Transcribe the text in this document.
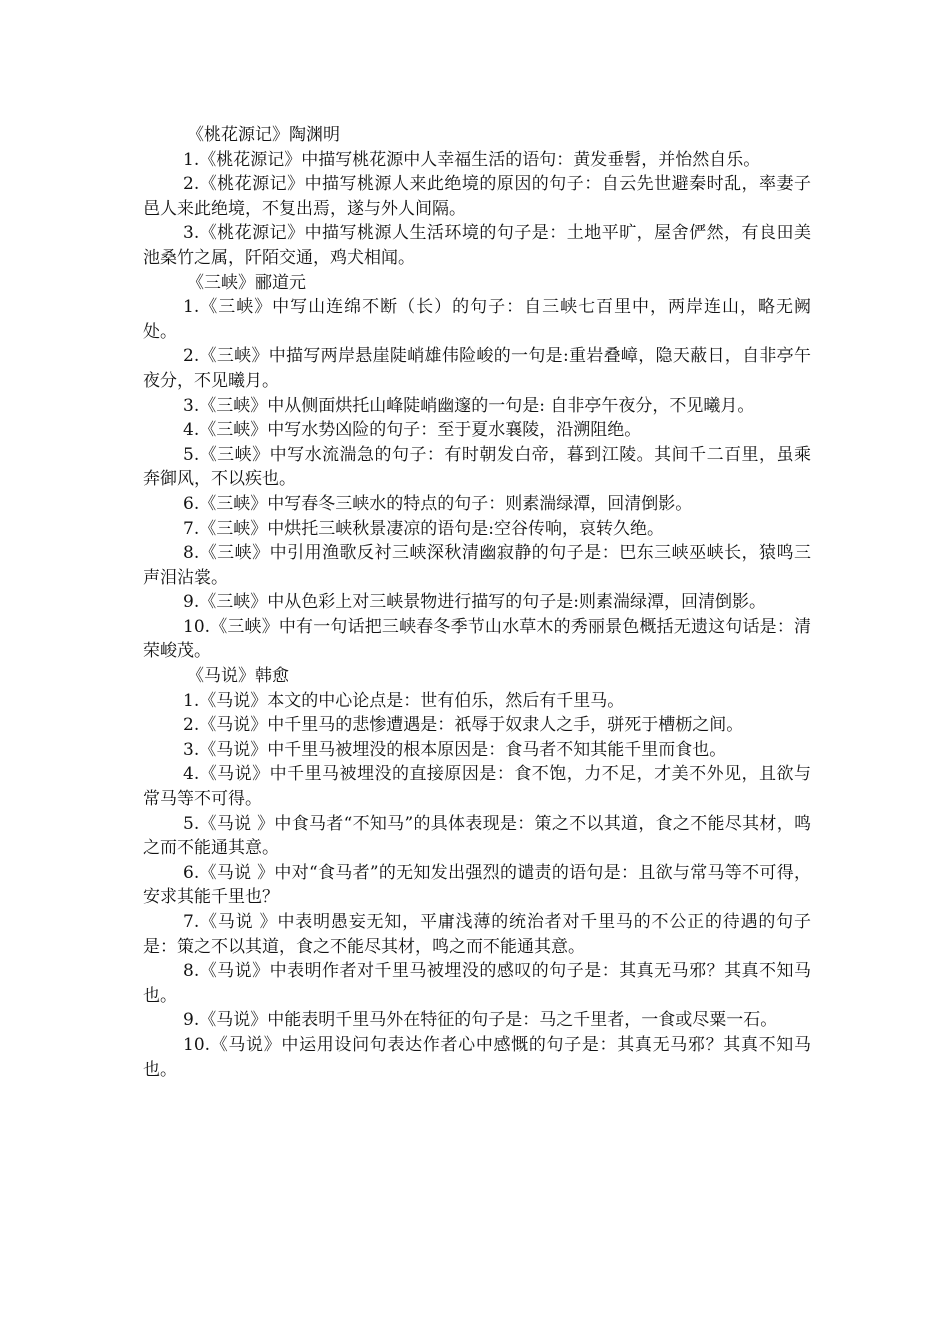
《桃花源记》陶渊明

1.《桃花源记》中描写桃花源中人幸福生活的语句：黄发垂髫，并怡然自乐。

2.《桃花源记》中描写桃源人来此绝境的原因的句子：自云先世避秦时乱，率妻子邑人来此绝境，不复出焉，遂与外人间隔。

3.《桃花源记》中描写桃源人生活环境的句子是：土地平旷，屋舍俨然，有良田美池桑竹之属，阡陌交通，鸡犬相闻。

《三峡》郦道元

1.《三峡》中写山连绵不断（长）的句子：自三峡七百里中，两岸连山，略无阙处。

2.《三峡》中描写两岸悬崖陡峭雄伟险峻的一句是:重岩叠嶂，隐天蔽日，自非亭午夜分，不见曦月。

3.《三峡》中从侧面烘托山峰陡峭幽邃的一句是: 自非亭午夜分，不见曦月。

4.《三峡》中写水势凶险的句子：至于夏水襄陵，沿溯阻绝。

5.《三峡》中写水流湍急的句子：有时朝发白帝，暮到江陵。其间千二百里，虽乘奔御风，不以疾也。

6.《三峡》中写春冬三峡水的特点的句子：则素湍绿潭，回清倒影。

7.《三峡》中烘托三峡秋景凄凉的语句是:空谷传响，哀转久绝。

8.《三峡》中引用渔歌反衬三峡深秋清幽寂静的句子是：巴东三峡巫峡长，猿鸣三声泪沾裳。

9.《三峡》中从色彩上对三峡景物进行描写的句子是:则素湍绿潭，回清倒影。

10.《三峡》中有一句话把三峡春冬季节山水草木的秀丽景色概括无遗这句话是：清荣峻茂。

《马说》韩愈

1.《马说》本文的中心论点是：世有伯乐，然后有千里马。

2.《马说》中千里马的悲惨遭遇是：祇辱于奴隶人之手，骈死于槽枥之间。

3.《马说》中千里马被埋没的根本原因是：食马者不知其能千里而食也。

4.《马说》中千里马被埋没的直接原因是：食不饱，力不足，才美不外见，且欲与常马等不可得。

5.《马说 》中食马者“不知马”的具体表现是：策之不以其道，食之不能尽其材，鸣之而不能通其意。

6.《马说 》中对“食马者”的无知发出强烈的谴责的语句是：且欲与常马等不可得，安求其能千里也？

7.《马说 》中表明愚妄无知，平庸浅薄的统治者对千里马的不公正的待遇的句子是：策之不以其道，食之不能尽其材，鸣之而不能通其意。

8.《马说》中表明作者对千里马被埋没的感叹的句子是：其真无马邪？其真不知马也。

9.《马说》中能表明千里马外在特征的句子是：马之千里者，一食或尽粟一石。

10.《马说》中运用设问句表达作者心中感慨的句子是：其真无马邪？其真不知马也。
